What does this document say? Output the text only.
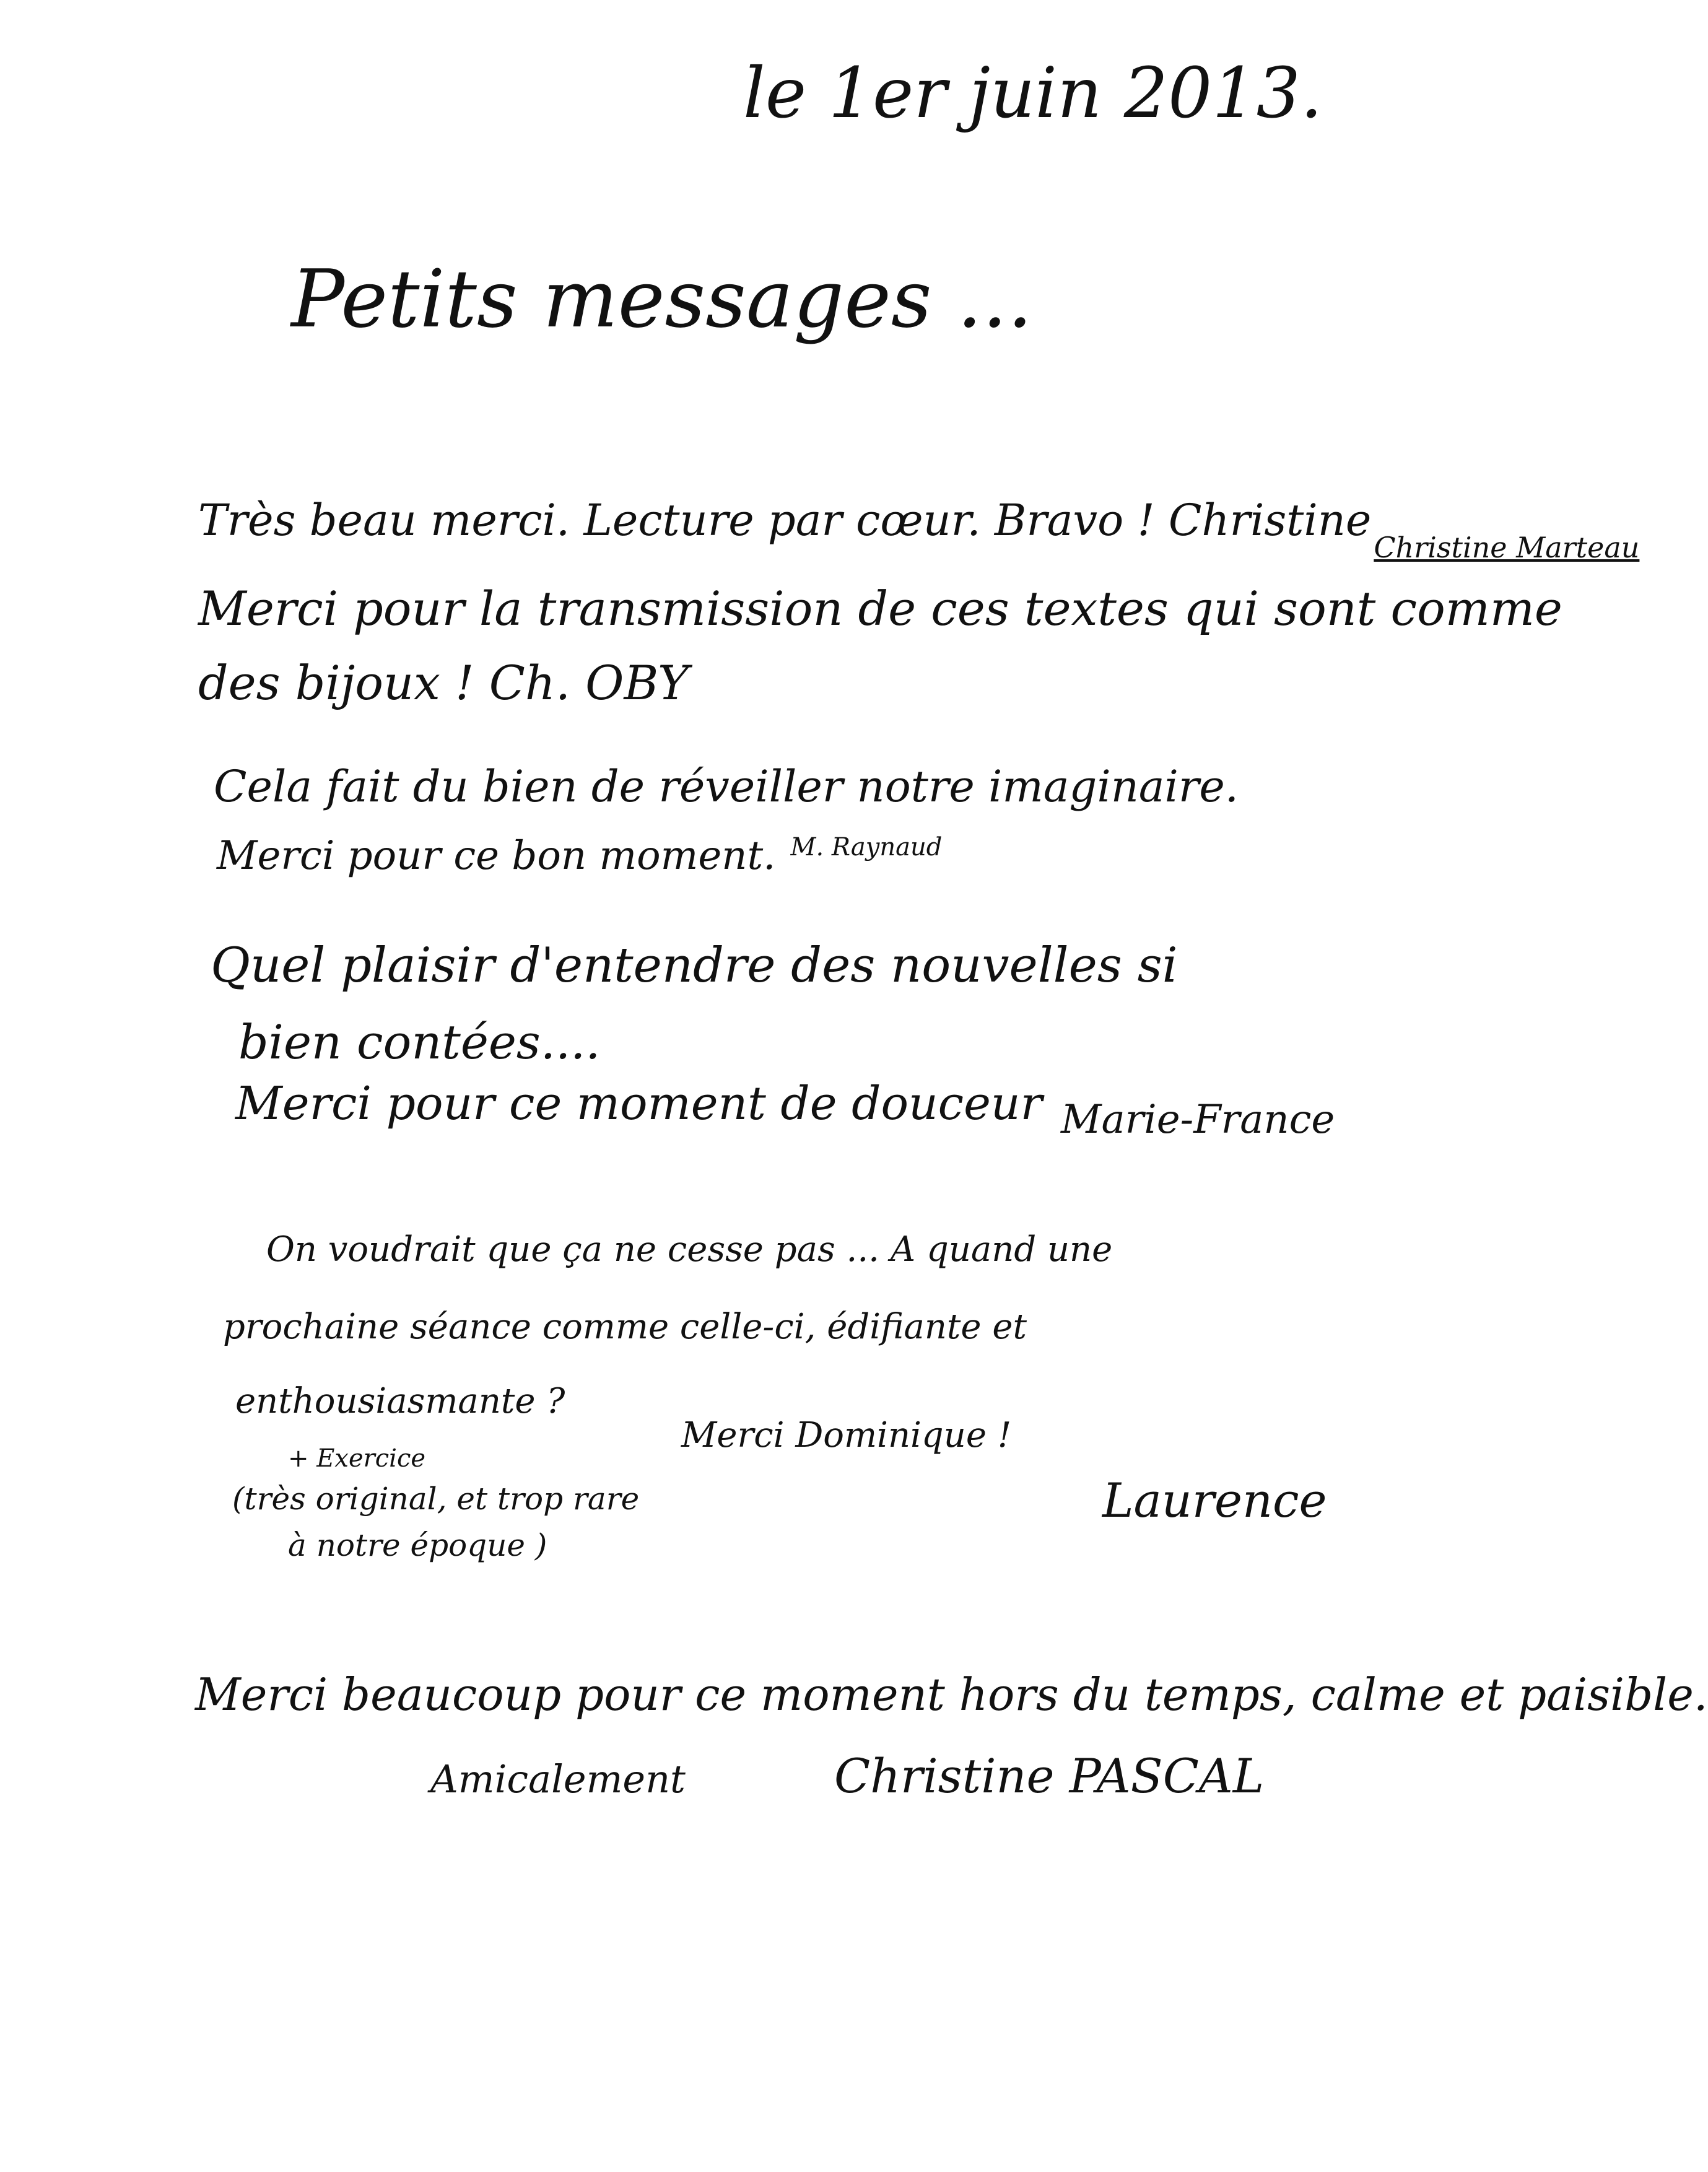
le 1er juin 2013.
Petits messages ...
Très beau merci. Lecture par cœur. Bravo ! Christine$_{Christine Marteau}$
Merci pour la transmission de ces textes qui sont comme
des bijoux ! Ch. OBY
Cela fait du bien de réveiller notre imaginaire.
Merci pour ce bon moment. $^{M. Raynaud}$
Quel plaisir d'entendre des nouvelles si
bien contées....
Merci pour ce moment de douceur Marie-France
On voudrait que ça ne cesse pas ... A quand une
prochaine séance comme celle-ci, édifiante et
enthousiasmante ?
Merci Dominique !
+ Exercice
(très original, et trop rare
à notre époque )
Laurence
Merci beaucoup pour ce moment hors du temps, calme et paisible.
Amicalement	Christine PASCAL
